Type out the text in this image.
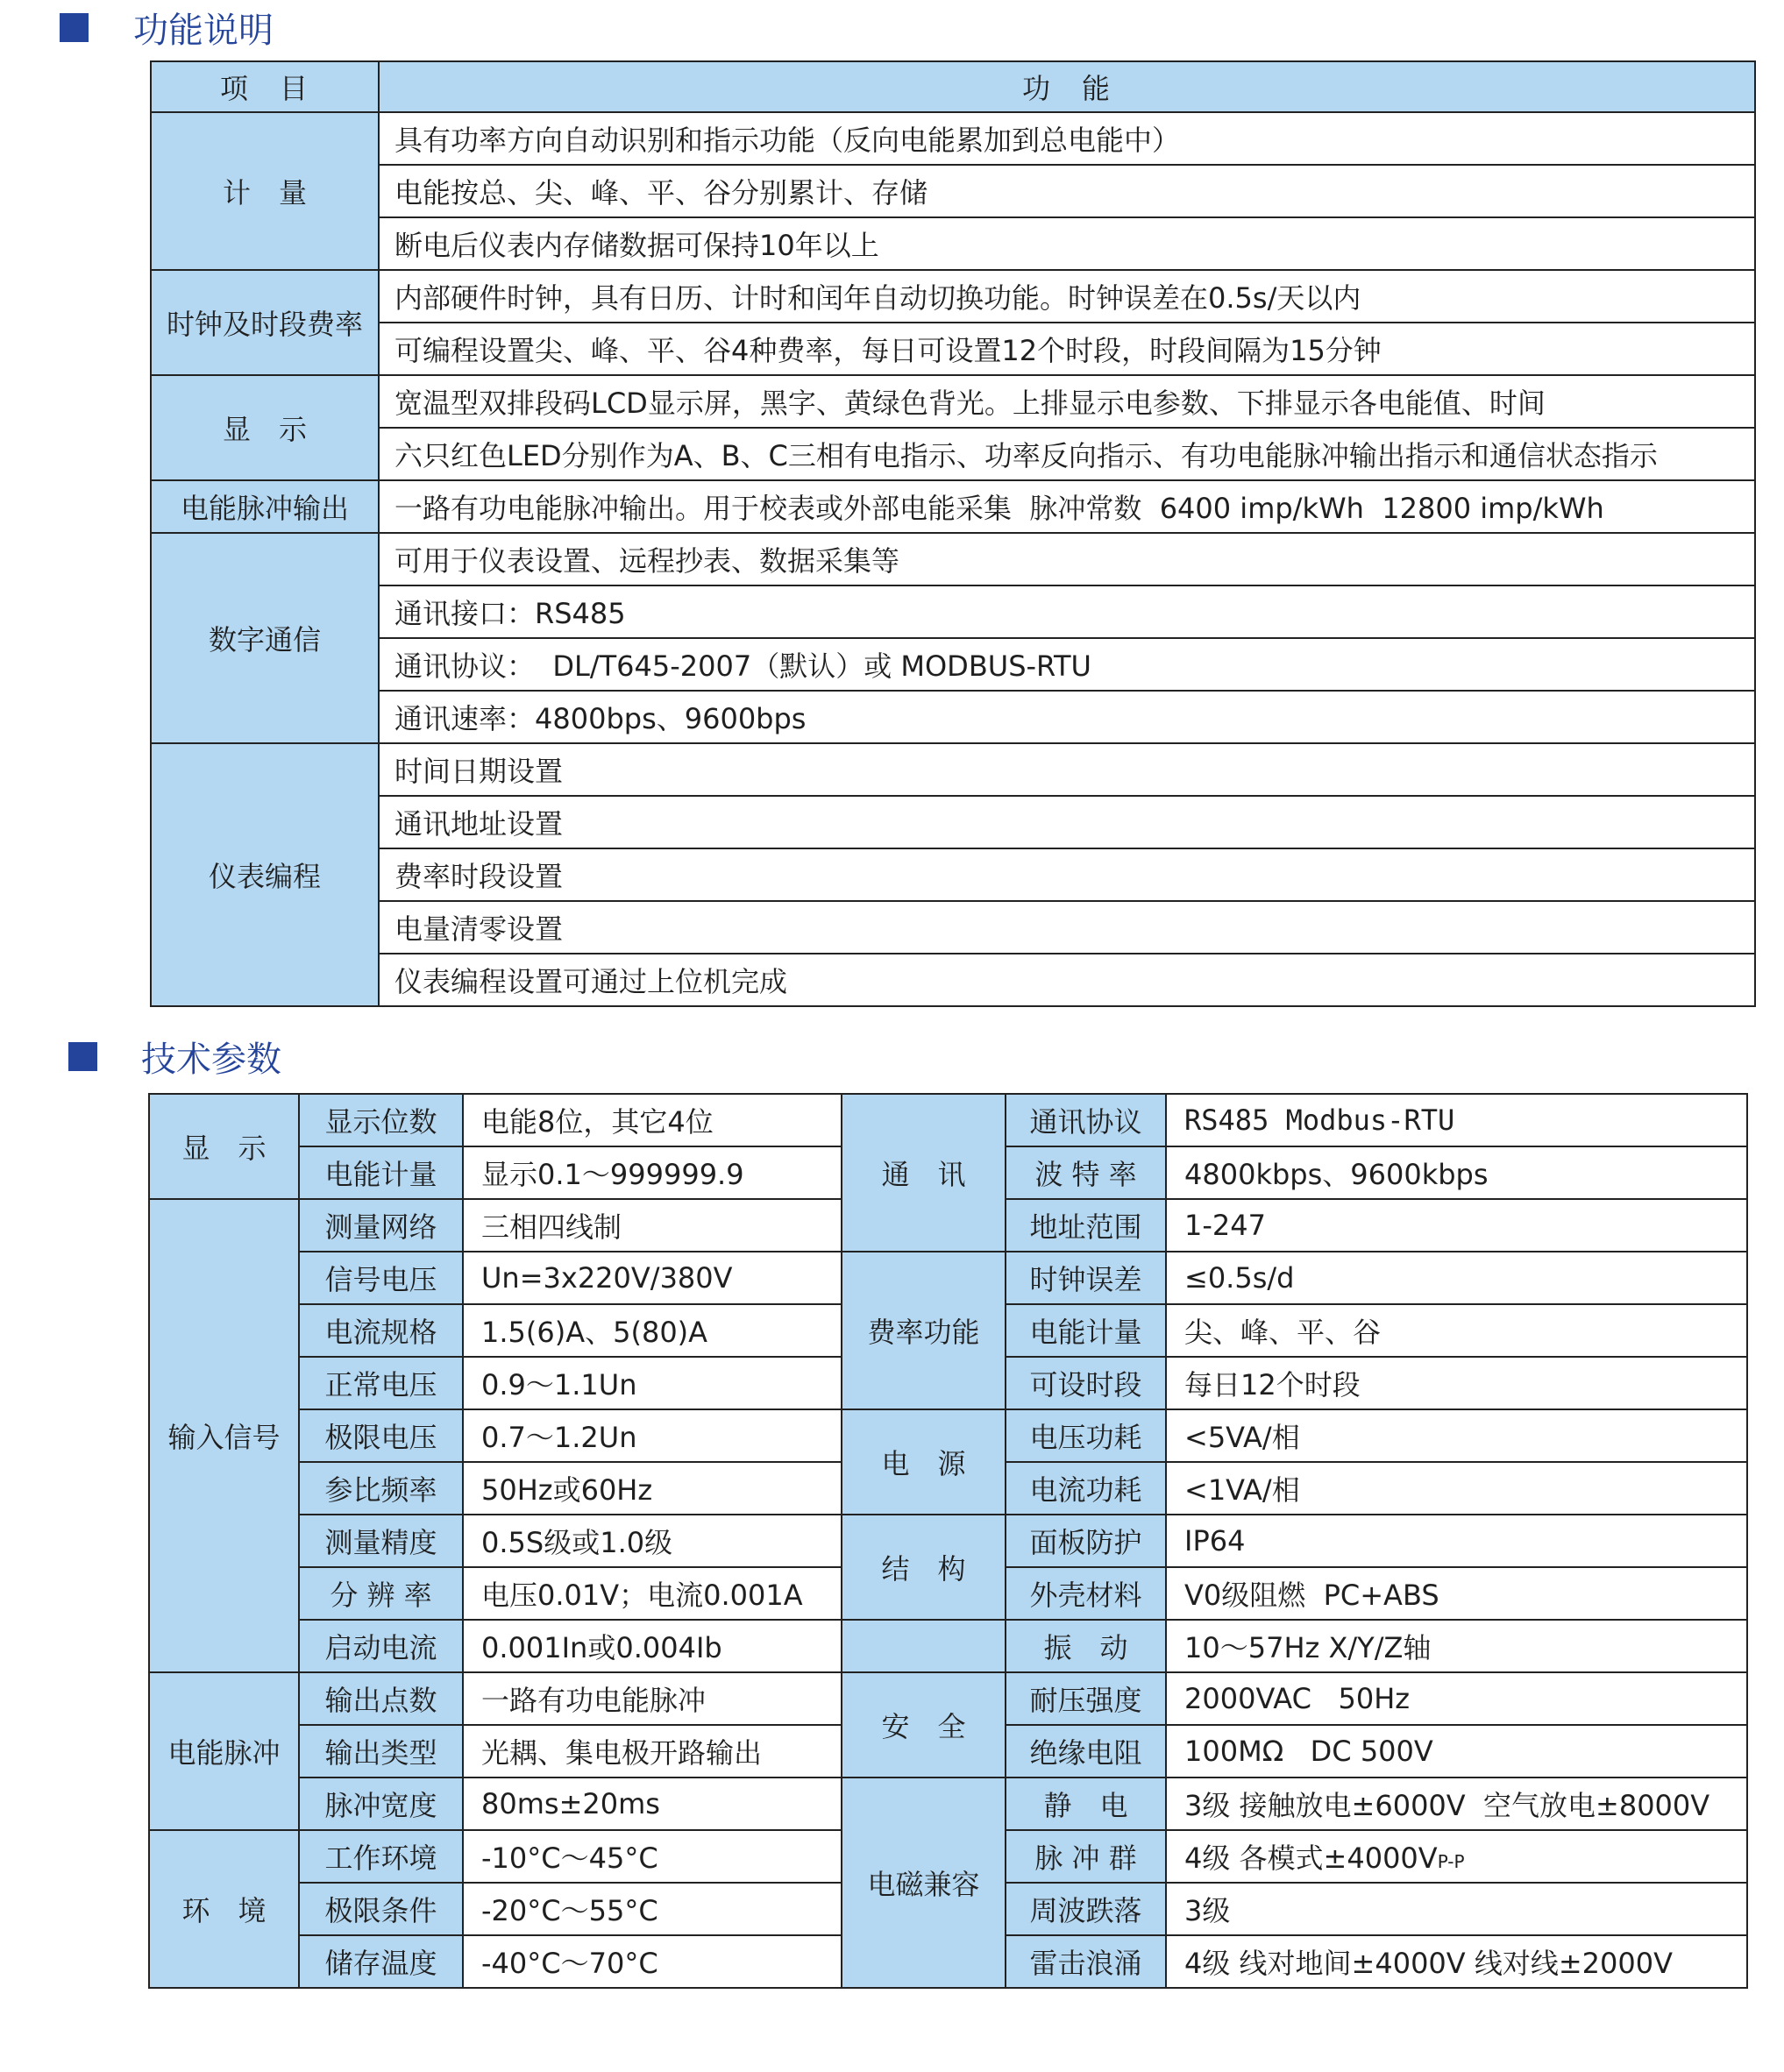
功能说明
项　目	功　能
计　量	具有功率方向自动识别和指示功能（反向电能累加到总电能中）
	电能按总、尖、峰、平、谷分别累计、存储
	断电后仪表内存储数据可保持10年以上
时钟及时段费率	内部硬件时钟，具有日历、计时和闰年自动切换功能。时钟误差在0.5s/天以内
	可编程设置尖、峰、平、谷4种费率，每日可设置12个时段，时段间隔为15分钟
显　示	宽温型双排段码LCD显示屏，黑字、黄绿色背光。上排显示电参数、下排显示各电能值、时间
	六只红色LED分别作为A、B、C三相有电指示、功率反向指示、有功电能脉冲输出指示和通信状态指示
电能脉冲输出	一路有功电能脉冲输出。用于校表或外部电能采集  脉冲常数  6400 imp/kWh  12800 imp/kWh
数字通信	可用于仪表设置、远程抄表、数据采集等
	通讯接口：RS485
	通讯协议：  DL/T645-2007（默认）或 MODBUS-RTU
	通讯速率：4800bps、9600bps
仪表编程	时间日期设置
	通讯地址设置
	费率时段设置
	电量清零设置
	仪表编程设置可通过上位机完成
技术参数
显　示	显示位数	电能8位，其它4位	通　讯	通讯协议	RS485 Modbus-RTU
	电能计量	显示0.1～999999.9		波 特 率	4800kbps、9600kbps
输入信号	测量网络	三相四线制		地址范围	1-247
	信号电压	Un=3x220V/380V	费率功能	时钟误差	≤0.5s/d
	电流规格	1.5(6)A、5(80)A		电能计量	尖、峰、平、谷
	正常电压	0.9～1.1Un		可设时段	每日12个时段
	极限电压	0.7～1.2Un	电　源	电压功耗	<5VA/相
	参比频率	50Hz或60Hz		电流功耗	<1VA/相
	测量精度	0.5S级或1.0级	结　构	面板防护	IP64
	分 辨 率	电压0.01V；电流0.001A		外壳材料	V0级阻燃  PC+ABS
	启动电流	0.001In或0.004Ib		振　动	10～57Hz X/Y/Z轴
电能脉冲	输出点数	一路有功电能脉冲	安　全	耐压强度	2000VAC   50Hz
	输出类型	光耦、集电极开路输出		绝缘电阻	100MΩ   DC 500V
	脉冲宽度	80ms±20ms	电磁兼容	静　电	3级 接触放电±6000V  空气放电±8000V
环　境	工作环境	-10°C～45°C		脉 冲 群	4级 各模式±4000VP-P
	极限条件	-20°C～55°C		周波跌落	3级
	储存温度	-40°C～70°C		雷击浪涌	4级 线对地间±4000V 线对线±2000V
